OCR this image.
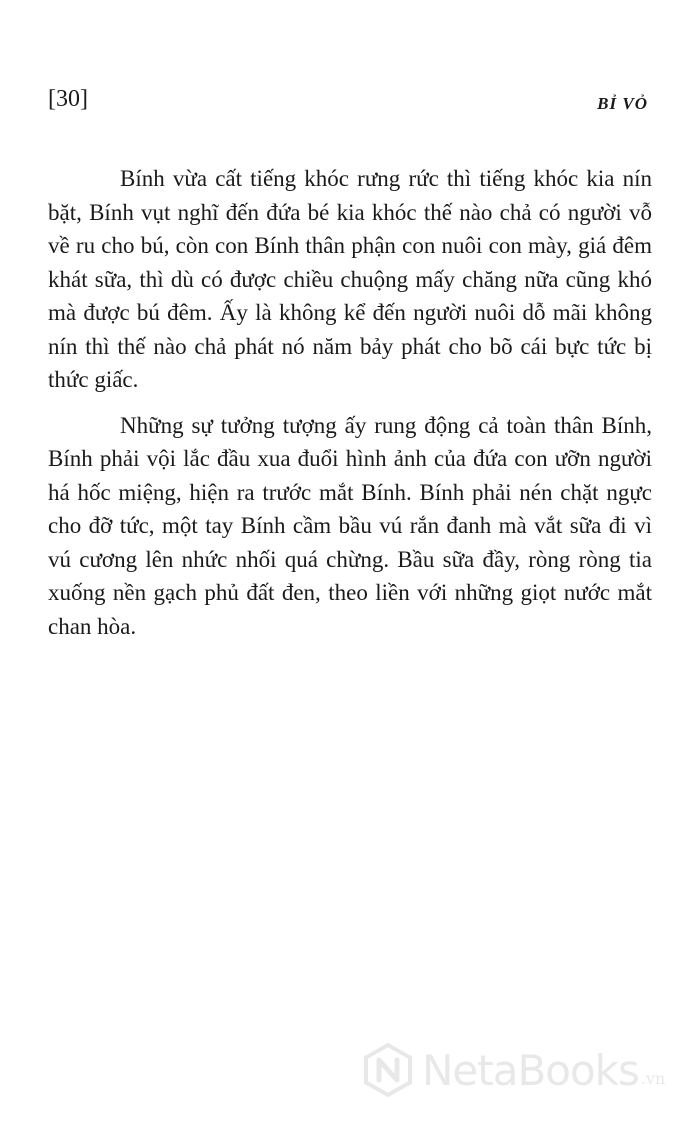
[30]	BỈ VỎ

Bính vừa cất tiếng khóc rưng rức thì tiếng khóc kia nín bặt, Bính vụt nghĩ đến đứa bé kia khóc thế nào chả có người vỗ về ru cho bú, còn con Bính thân phận con nuôi con mày, giá đêm khát sữa, thì dù có được chiều chuộng mấy chăng nữa cũng khó mà được bú đêm. Ấy là không kể đến người nuôi dỗ mãi không nín thì thế nào chả phát nó năm bảy phát cho bõ cái bực tức bị thức giấc.

Những sự tưởng tượng ấy rung động cả toàn thân Bính, Bính phải vội lắc đầu xua đuổi hình ảnh của đứa con ưỡn người há hốc miệng, hiện ra trước mắt Bính. Bính phải nén chặt ngực cho đỡ tức, một tay Bính cầm bầu vú rắn đanh mà vắt sữa đi vì vú cương lên nhức nhối quá chừng. Bầu sữa đầy, ròng ròng tia xuống nền gạch phủ đất đen, theo liền với những giọt nước mắt chan hòa.

NetaBooks .vn
